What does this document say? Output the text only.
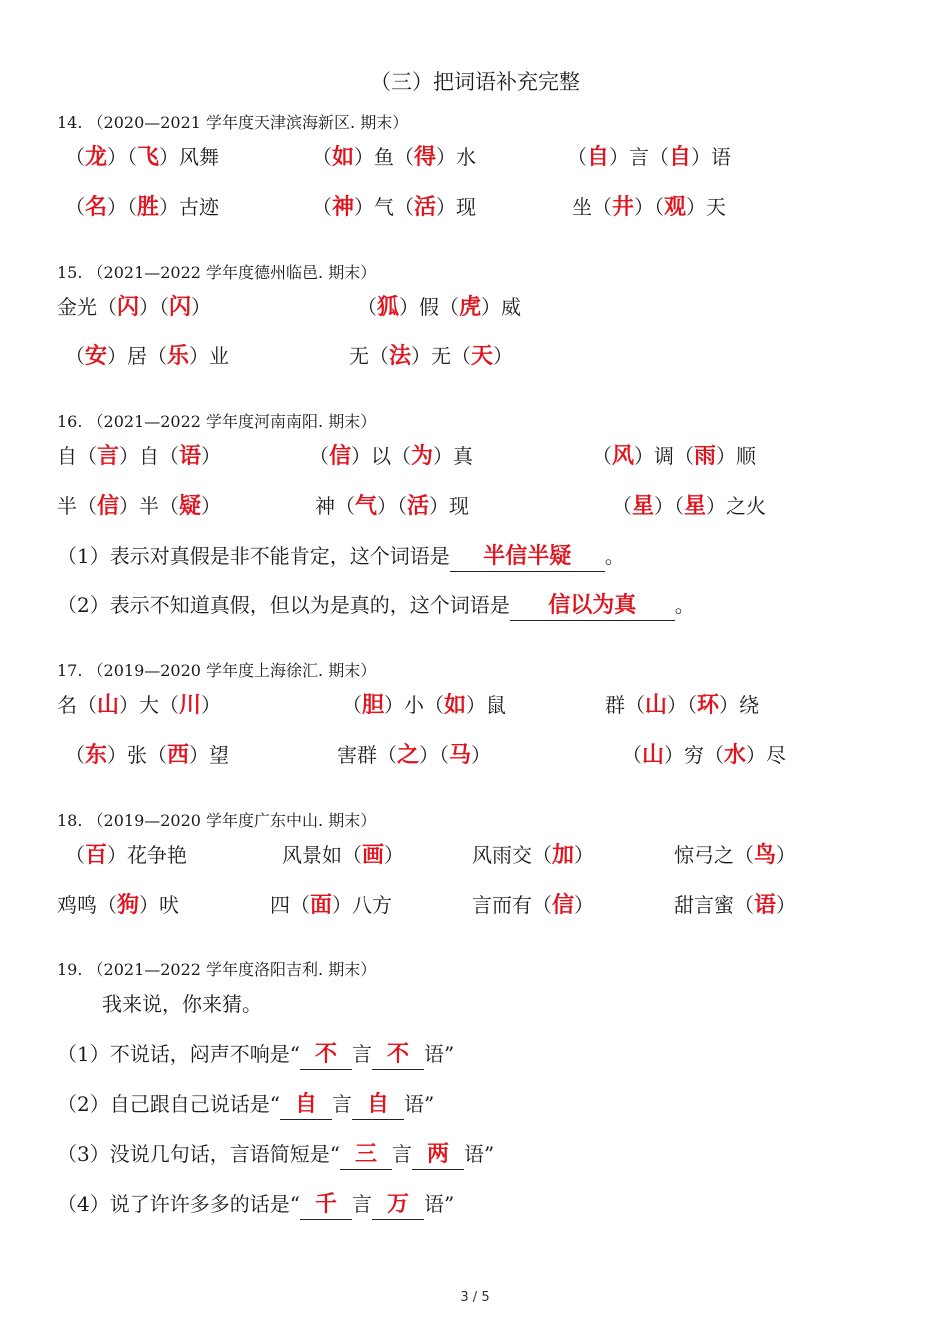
（三）把词语补充完整
14. （2020—2021 学年度天津滨海新区. 期末）
（龙）（飞）风舞	（如）鱼（得）水	（自）言（自）语
（名）（胜）古迹	（神）气（活）现	坐（井）（观）天
15. （2021—2022 学年度德州临邑. 期末）
金光（闪）（闪）	（狐）假（虎）威
（安）居（乐）业	无（法）无（天）
16. （2021—2022 学年度河南南阳. 期末）
自（言）自（语）	（信）以（为）真	（风）调（雨）顺
半（信）半（疑）	神（气）（活）现	（星）（星）之火
（1）表示对真假是非不能肯定，这个词语是 半信半疑 。
（2）表示不知道真假，但以为是真的，这个词语是 信以为真 。
17. （2019—2020 学年度上海徐汇. 期末）
名（山）大（川）	（胆）小（如）鼠	群（山）（环）绕
（东）张（西）望	害群（之）（马）	（山）穷（水）尽
18. （2019—2020 学年度广东中山. 期末）
（百）花争艳	风景如（画）	风雨交（加）	惊弓之（鸟）
鸡鸣（狗）吠	四（面）八方	言而有（信）	甜言蜜（语）
19. （2021—2022 学年度洛阳吉利. 期末）
我来说，你来猜。
（1）不说话，闷声不响是“ 不 言 不 语”
（2）自己跟自己说话是“ 自 言 自 语”
（3）没说几句话，言语简短是“ 三 言 两 语”
（4）说了许许多多的话是“ 千 言 万 语”
3 / 5
